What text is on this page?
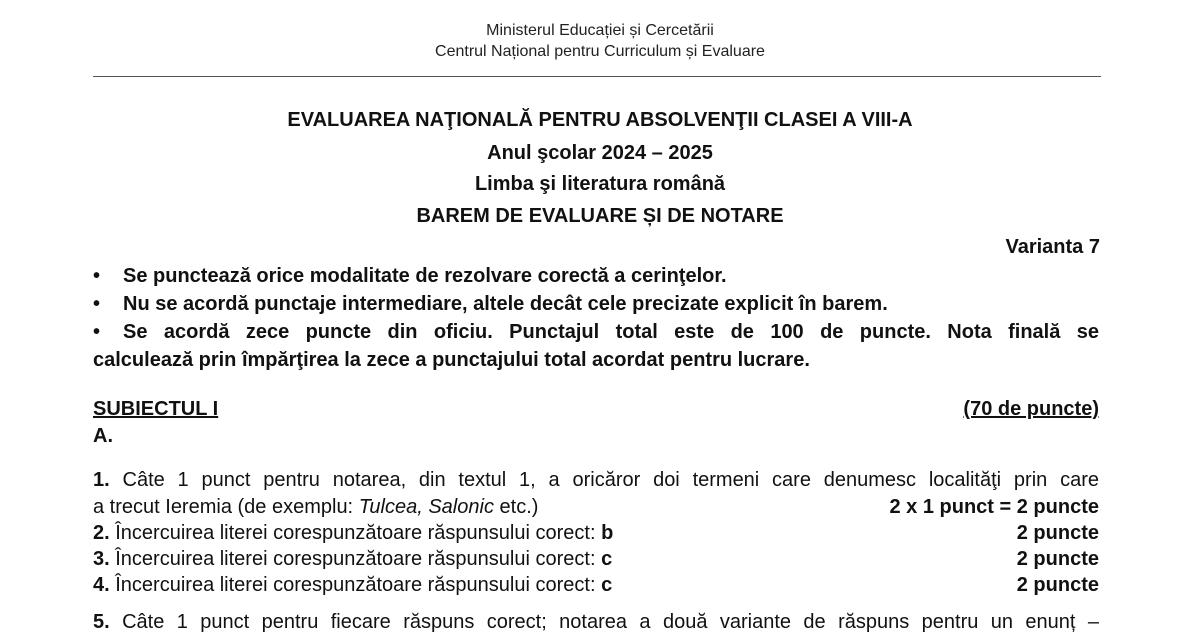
Ministerul Educației și Cercetării
Centrul Național pentru Curriculum și Evaluare
EVALUAREA NAŢIONALĂ PENTRU ABSOLVENŢII CLASEI A VIII-A
Anul şcolar 2024 – 2025
Limba şi literatura română
BAREM DE EVALUARE ȘI DE NOTARE
Varianta 7
•	Se punctează orice modalitate de rezolvare corectă a cerinţelor.
•	Nu se acordă punctaje intermediare, altele decât cele precizate explicit în barem.
•	Se acordă zece puncte din oficiu. Punctajul total este de 100 de puncte. Nota finală se
calculează prin împărţirea la zece a punctajului total acordat pentru lucrare.
SUBIECTUL I	(70 de puncte)
A.
1. Câte 1 punct pentru notarea, din textul 1, a oricăror doi termeni care denumesc localităţi prin care
a trecut Ieremia (de exemplu: Tulcea, Salonic etc.)	2 x 1 punct = 2 puncte
2. Încercuirea literei corespunzătoare răspunsului corect: b	2 puncte
3. Încercuirea literei corespunzătoare răspunsului corect: c	2 puncte
4. Încercuirea literei corespunzătoare răspunsului corect: c	2 puncte
5. Câte 1 punct pentru fiecare răspuns corect; notarea a două variante de răspuns pentru un enunț –
